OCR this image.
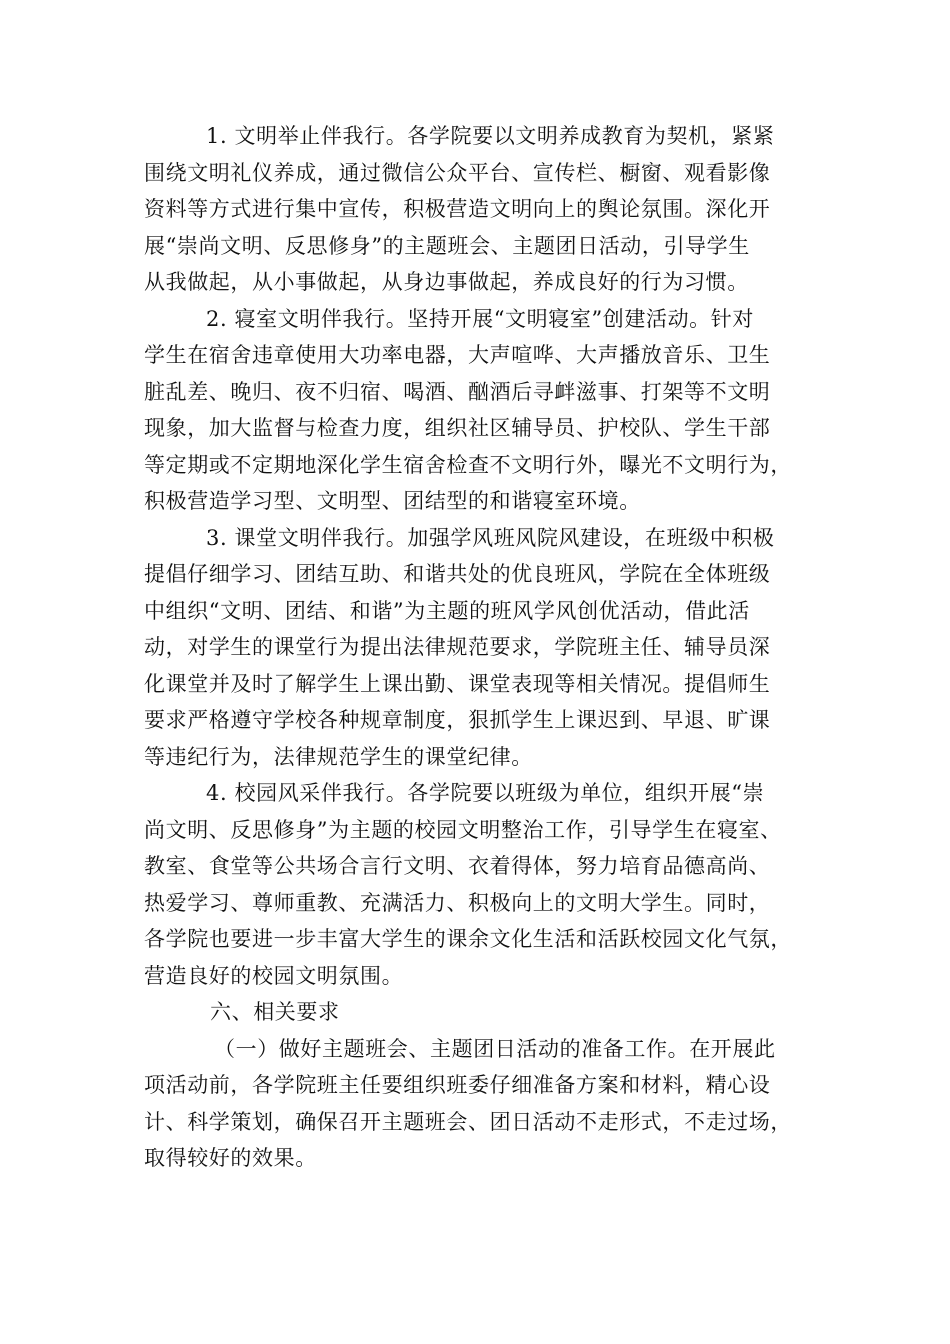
1. 文明举止伴我行。各学院要以文明养成教育为契机，紧紧
围绕文明礼仪养成，通过微信公众平台、宣传栏、橱窗、观看影像
资料等方式进行集中宣传，积极营造文明向上的舆论氛围。深化开
展“崇尚文明、反思修身”的主题班会、主题团日活动，引导学生
从我做起，从小事做起，从身边事做起，养成良好的行为习惯。
2. 寝室文明伴我行。坚持开展“文明寝室”创建活动。针对
学生在宿舍违章使用大功率电器，大声喧哗、大声播放音乐、卫生
脏乱差、晚归、夜不归宿、喝酒、酗酒后寻衅滋事、打架等不文明
现象，加大监督与检查力度，组织社区辅导员、护校队、学生干部
等定期或不定期地深化学生宿舍检查不文明行外，曝光不文明行为，
积极营造学习型、文明型、团结型的和谐寝室环境。
3. 课堂文明伴我行。加强学风班风院风建设，在班级中积极
提倡仔细学习、团结互助、和谐共处的优良班风，学院在全体班级
中组织“文明、团结、和谐”为主题的班风学风创优活动，借此活
动，对学生的课堂行为提出法律规范要求，学院班主任、辅导员深
化课堂并及时了解学生上课出勤、课堂表现等相关情况。提倡师生
要求严格遵守学校各种规章制度，狠抓学生上课迟到、早退、旷课
等违纪行为，法律规范学生的课堂纪律。
4. 校园风采伴我行。各学院要以班级为单位，组织开展“崇
尚文明、反思修身”为主题的校园文明整治工作，引导学生在寝室、
教室、食堂等公共场合言行文明、衣着得体，努力培育品德高尚、
热爱学习、尊师重教、充满活力、积极向上的文明大学生。同时，
各学院也要进一步丰富大学生的课余文化生活和活跃校园文化气氛，
营造良好的校园文明氛围。
六、相关要求
（一）做好主题班会、主题团日活动的准备工作。在开展此
项活动前，各学院班主任要组织班委仔细准备方案和材料，精心设
计、科学策划，确保召开主题班会、团日活动不走形式，不走过场，
取得较好的效果。
